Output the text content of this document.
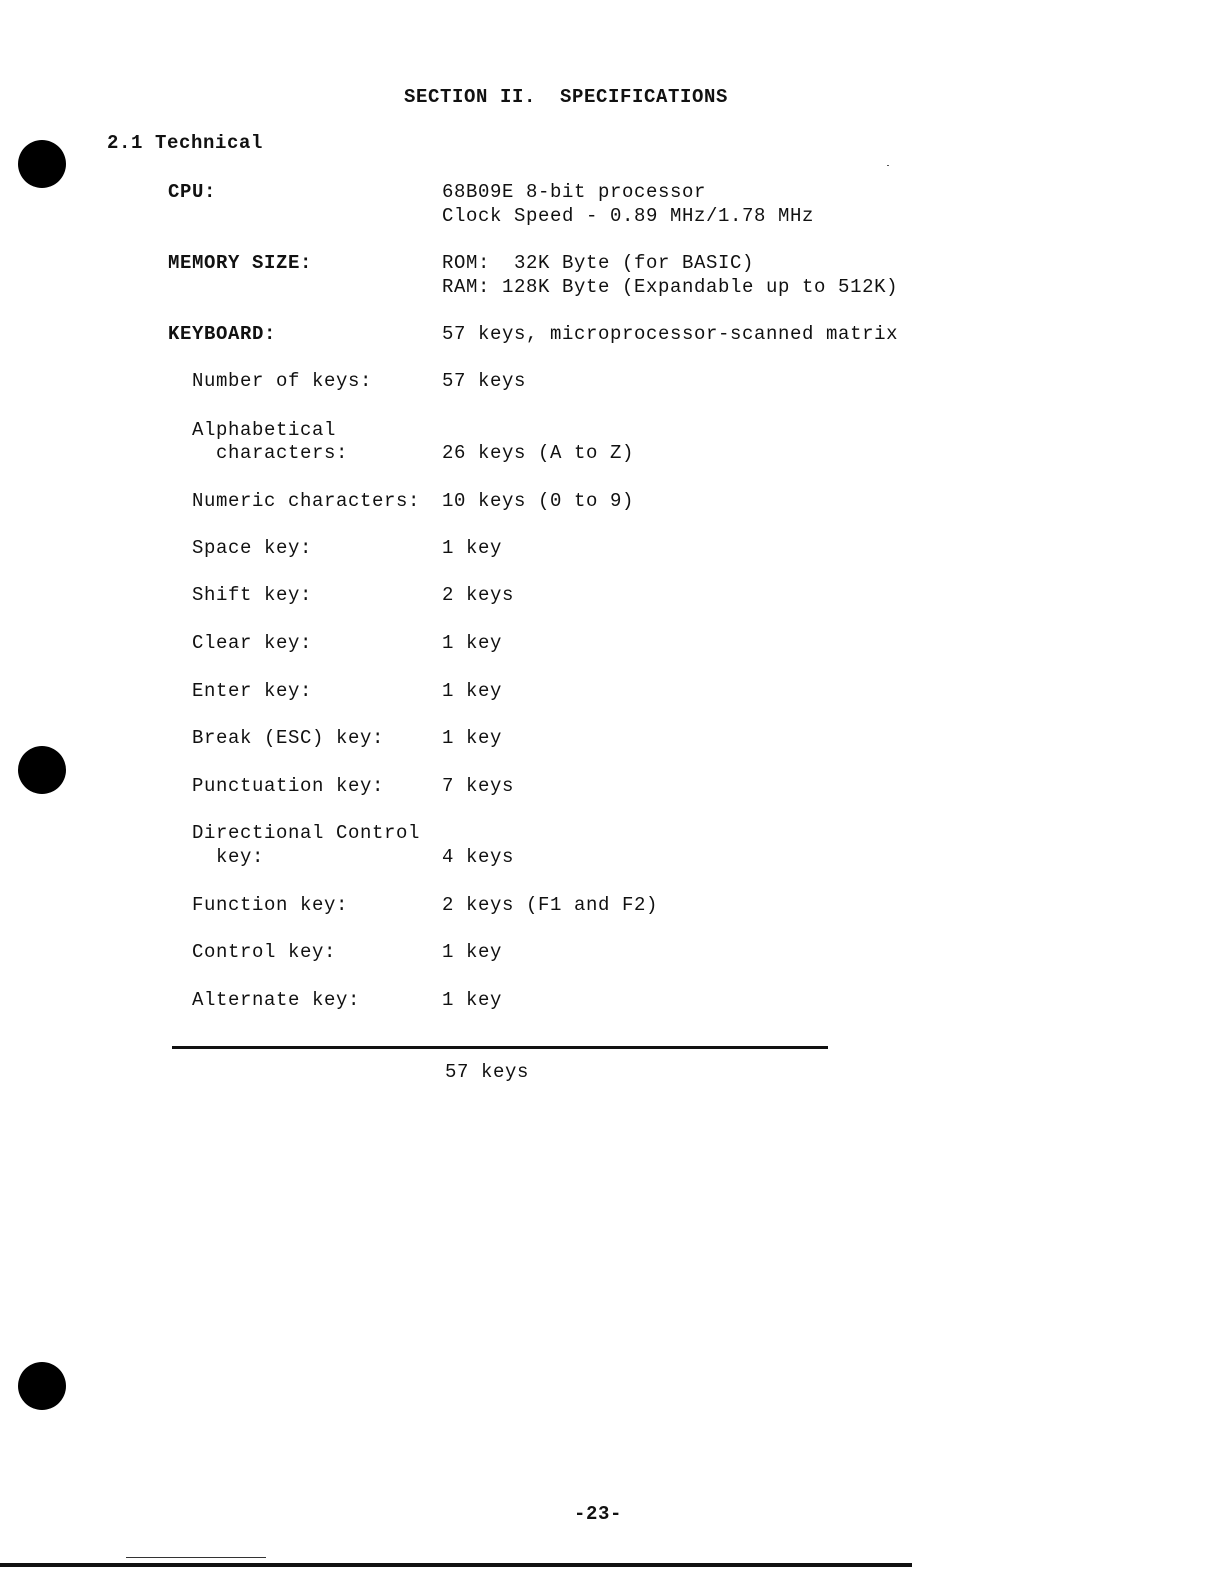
SECTION II.  SPECIFICATIONS
2.1 Technical
CPU:	68B09E 8-bit processor
Clock Speed - 0.89 MHz/1.78 MHz
MEMORY SIZE:	ROM:  32K Byte (for BASIC)
RAM: 128K Byte (Expandable up to 512K)
KEYBOARD:	57 keys, microprocessor-scanned matrix
Number of keys:	57 keys
Alphabetical
characters:	26 keys (A to Z)
Numeric characters: 10 keys (0 to 9)
Space key:	1 key
Shift key:	2 keys
Clear key:	1 key
Enter key:	1 key
Break (ESC) key:	1 key
Punctuation key:	7 keys
Directional Control
key:	4 keys
Function key:	2 keys (F1 and F2)
Control key:	1 key
Alternate key:	1 key
57 keys
-23-
